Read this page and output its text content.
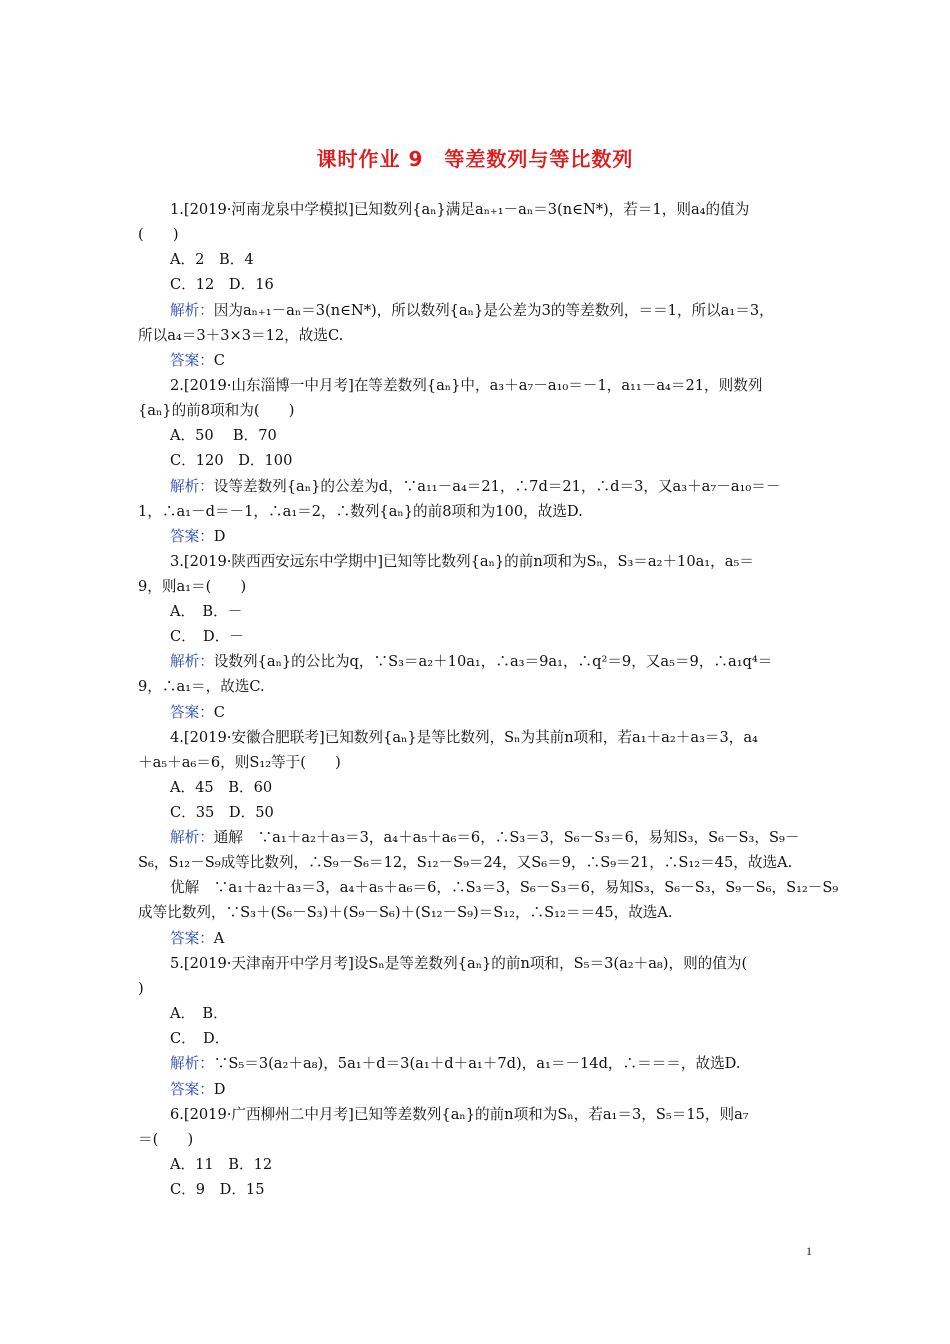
课时作业 9　等差数列与等比数列
1.[2019·河南龙泉中学模拟]已知数列{aₙ}满足aₙ₊₁－aₙ＝3(n∈N*)，若＝1，则a₄的值为
(　　)
A．2　B．4
C．12　D．16
解析：因为aₙ₊₁－aₙ＝3(n∈N*)，所以数列{aₙ}是公差为3的等差数列，＝＝1，所以a₁＝3，
所以a₄＝3＋3×3＝12，故选C.
答案：C
2.[2019·山东淄博一中月考]在等差数列{aₙ}中，a₃＋a₇－a₁₀＝－1，a₁₁－a₄＝21，则数列
{aₙ}的前8项和为(　　)
A．50　 B．70
C．120　D．100
解析：设等差数列{aₙ}的公差为d，∵a₁₁－a₄＝21，∴7d＝21，∴d＝3，又a₃＋a₇－a₁₀＝－
1，∴a₁－d＝－1，∴a₁＝2，∴数列{aₙ}的前8项和为100，故选D.
答案：D
3.[2019·陕西西安远东中学期中]已知等比数列{aₙ}的前n项和为Sₙ，S₃＝a₂＋10a₁，a₅＝
9，则a₁＝(　　)
A．　B．－
C．　D．－
解析：设数列{aₙ}的公比为q，∵S₃＝a₂＋10a₁，∴a₃＝9a₁，∴q²＝9，又a₅＝9，∴a₁q⁴＝
9，∴a₁＝，故选C.
答案：C
4.[2019·安徽合肥联考]已知数列{aₙ}是等比数列，Sₙ为其前n项和，若a₁＋a₂＋a₃＝3，a₄
＋a₅＋a₆＝6，则S₁₂等于(　　)
A．45　B．60
C．35　D．50
解析：通解　∵a₁＋a₂＋a₃＝3，a₄＋a₅＋a₆＝6，∴S₃＝3，S₆－S₃＝6，易知S₃，S₆－S₃，S₉－
S₆，S₁₂－S₉成等比数列，∴S₉－S₆＝12，S₁₂－S₉＝24，又S₆＝9，∴S₉＝21，∴S₁₂＝45，故选A.
优解　∵a₁＋a₂＋a₃＝3，a₄＋a₅＋a₆＝6，∴S₃＝3，S₆－S₃＝6，易知S₃，S₆－S₃，S₉－S₆，S₁₂－S₉
成等比数列，∵S₃＋(S₆－S₃)＋(S₉－S₆)＋(S₁₂－S₉)＝S₁₂，∴S₁₂＝＝45，故选A.
答案：A
5.[2019·天津南开中学月考]设Sₙ是等差数列{aₙ}的前n项和，S₅＝3(a₂＋a₈)，则的值为(
)
A．　B．
C．　D．
解析：∵S₅＝3(a₂＋a₈)，5a₁＋d＝3(a₁＋d＋a₁＋7d)，a₁＝－14d，∴＝＝＝，故选D.
答案：D
6.[2019·广西柳州二中月考]已知等差数列{aₙ}的前n项和为Sₙ，若a₁＝3，S₅＝15，则a₇
＝(　　)
A．11　B．12
C．9　D．15
1
